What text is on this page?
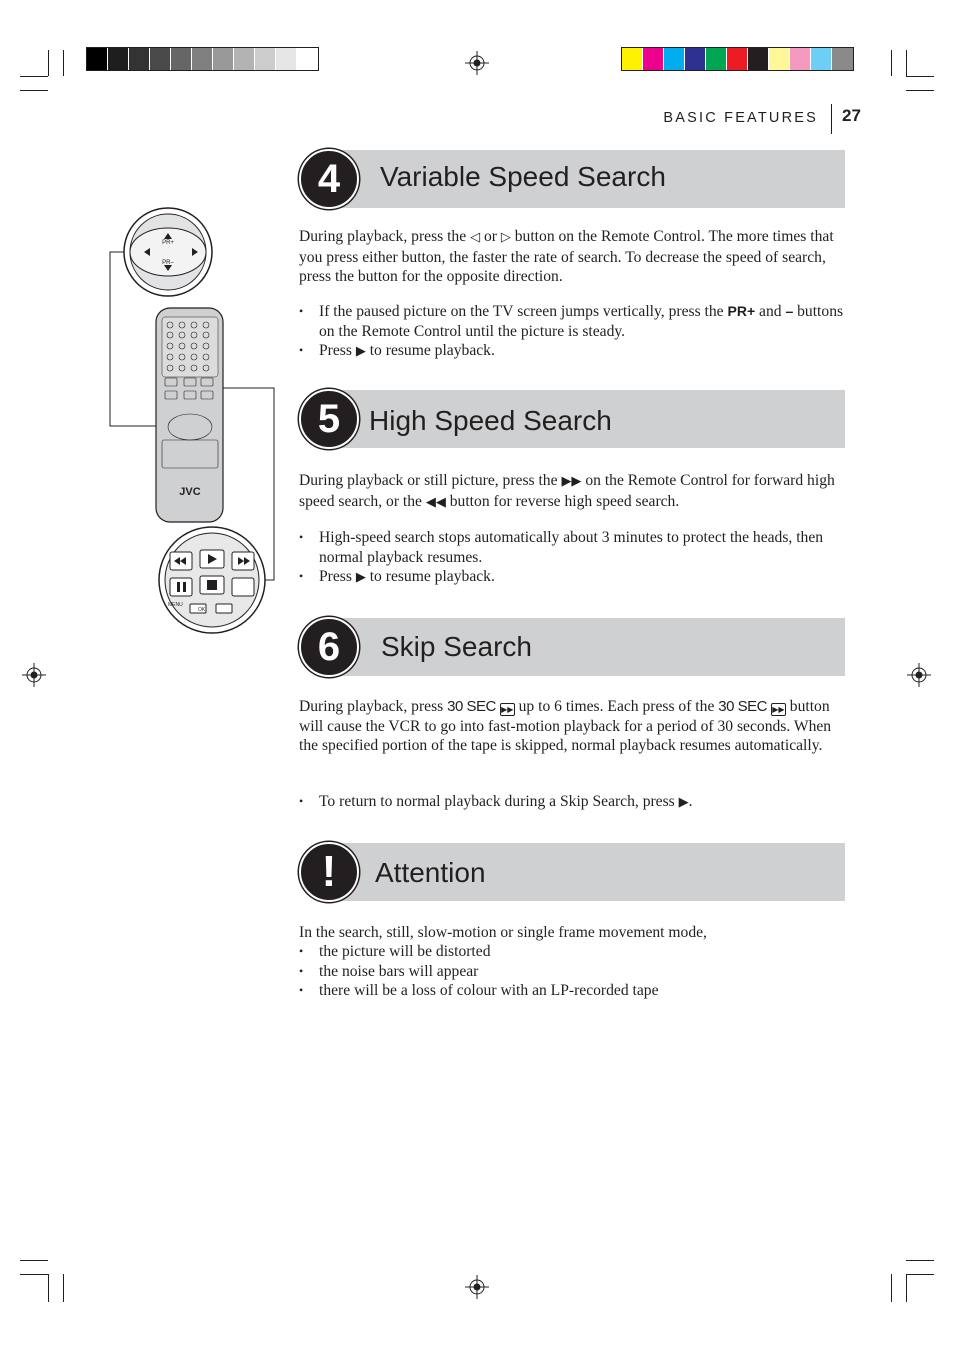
BASIC FEATURES 27
4	Variable Speed Search
During playback, press the ◁ or ▷ button on the Remote Control. The more times that you press either button, the faster the rate of search. To decrease the speed of search, press the button for the opposite direction.
• If the paused picture on the TV screen jumps vertically, press the PR+ and – buttons on the Remote Control until the picture is steady.
• Press ▶ to resume playback.
5	High Speed Search
During playback or still picture, press the ▶▶ on the Remote Control for forward high speed search, or the ◀◀ button for reverse high speed search.
• High-speed search stops automatically about 3 minutes to protect the heads, then normal playback resumes.
• Press ▶ to resume playback.
6	Skip Search
During playback, press 30 SEC ▶▶ up to 6 times. Each press of the 30 SEC ▶▶ button will cause the VCR to go into fast-motion playback for a period of 30 seconds. When the specified portion of the tape is skipped, normal playback resumes automatically.
• To return to normal playback during a Skip Search, press ▶.
!	Attention
In the search, still, slow-motion or single frame movement mode,
• the picture will be distorted
• the noise bars will appear
• there will be a loss of colour with an LP-recorded tape
PR+
PR–
JVC
MENU
OK
